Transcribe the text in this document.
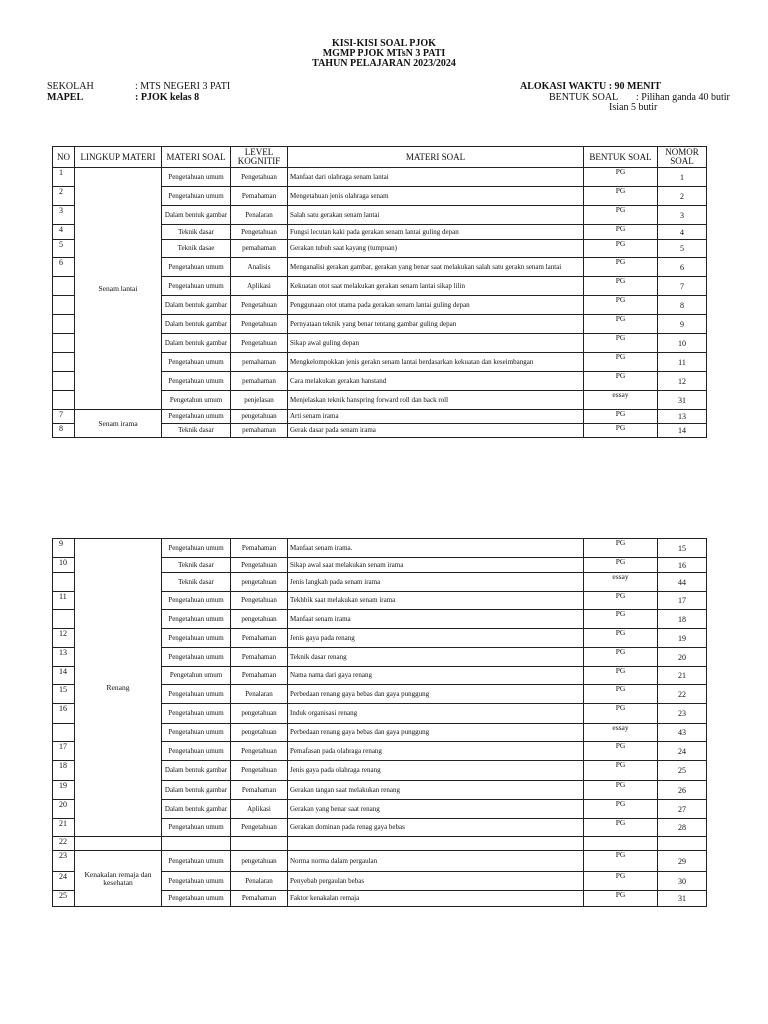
KISI-KISI SOAL PJOK
MGMP PJOK MTsN 3 PATI
TAHUN PELAJARAN 2023/2024
SEKOLAH	: MTS NEGERI 3 PATI
MAPEL	: PJOK kelas 8
ALOKASI WAKTU : 90 MENIT
BENTUK SOAL : Pilihan ganda 40 butir
Isian 5 butir
NO	LINGKUP MATERI	MATERI SOAL	LEVEL KOGNITIF	MATERI SOAL	BENTUK SOAL	NOMOR SOAL
1	Senam lantai	Pengetahuan umum	Pengetahuan	Manfaat dari olahraga senam lantai	PG	1
2		Pengetahuan umum	Pemahaman	Mengetahuan jenis olahraga senam	PG	2
3		Dalam bentuk gambar	Penalaran	Salah satu gerakan senam lantai	PG	3
4		Teknik dasar	Pengetahuan	Fungsi lecutan kaki pada gerakan senam lantai guling depan	PG	4
5		Teknik dasae	pemahaman	Gerakan tubuh saat kayang (tumpuan)	PG	5
6		Pengetahuan umum	Analisis	Menganalisi gerakan gambar, gerakan yang benar saat melakukan salah satu gerakn senam lantai	PG	6
		Pengetahuan umum	Aplikasi	Kekuatan otot saat melakukan gerakan senam lantai sikap lilin	PG	7
		Dalam bentuk gambar	Pengetahuan	Penggunaan otot utama pada gerakan senam lantai guling depan	PG	8
		Dalam bentuk gambar	Pengetahuan	Pernyataan teknik yang benar tentang gambar guling depan	PG	9
		Dalam bentuk gambar	Pengetahuan	Sikap awal guling depan	PG	10
		Pengetahuan umum	pemahaman	Mengkelompokkan jenis gerakn senam lantai berdasarkan kekuatan dan keseimbangan	PG	11
		Pengetahuan umum	pemahaman	Cara melakukan gerakan hanstand	PG	12
		Pengetahun umum	penjelasan	Menjelaskan teknik hanspring forward roll dan back roll	essay	31
7	Senam irama	Pengetahuan umum	pengetahuan	Arti senam irama	PG	13
8		Teknik dasar	pemahaman	Gerak dasar pada senam irama	PG	14
9	Renang	Pengetahuan umum	Pemahaman	Manfaat senam irama.	PG	15
10		Teknik dasar	Pengetahuan	Sikap awal saat melakukan senam irama	PG	16
		Teknik dasar	pengetahuan	Jenis langkah pada senam irama	essay	44
11		Pengetahuan umum	Pengetahuan	Tekhbik saat melakukan senam irama	PG	17
		Pengetahuan umum	pengetahuan	Manfaat senam irama	PG	18
12		Pengetahuan umum	Pemahaman	Jenis gaya pada renang	PG	19
13		Pengetahuan umum	Pemahaman	Teknik dasar renang	PG	20
14		Pengetahun umum	Pemahaman	Nama nama dari gaya renang	PG	21
15		Pengetahuan umum	Penalaran	Perbedaan renang gaya bebas dan gaya punggung	PG	22
16		Pengetahuan umum	pengetahuan	Induk organisasi renang	PG	23
		Pengetahuan umum	pengetahuan	Perbedaan renang gaya bebas dan gaya punggung	essay	43
17		Pengetahuan umum	Pengetahuan	Pemafasan pada olahraga renang	PG	24
18		Dalam bentuk gambar	Pengetahuan	Jenis gaya pada olahraga renang	PG	25
19		Dalam bentuk gambar	Pemahaman	Gerakan tangan saat melakukan renang	PG	26
20		Dalam bentuk gambar	Aplikasi	Gerakan yang benar saat renang	PG	27
21		Pengetahuan umum	Pengetahuan	Gerakan dominan pada renag gaya bebas	PG	28
22						
23	Kenakalan remaja dan kesehatan	Pengetahuan umum	pengetahuan	Norma norma dalam pergaulan	PG	29
24		Pengetahuan umum	Penalaran	Penyebab pergaulan bebas	PG	30
25		Pengetahuan umum	Pemahaman	Faktor kenakalan remaja	PG	31
